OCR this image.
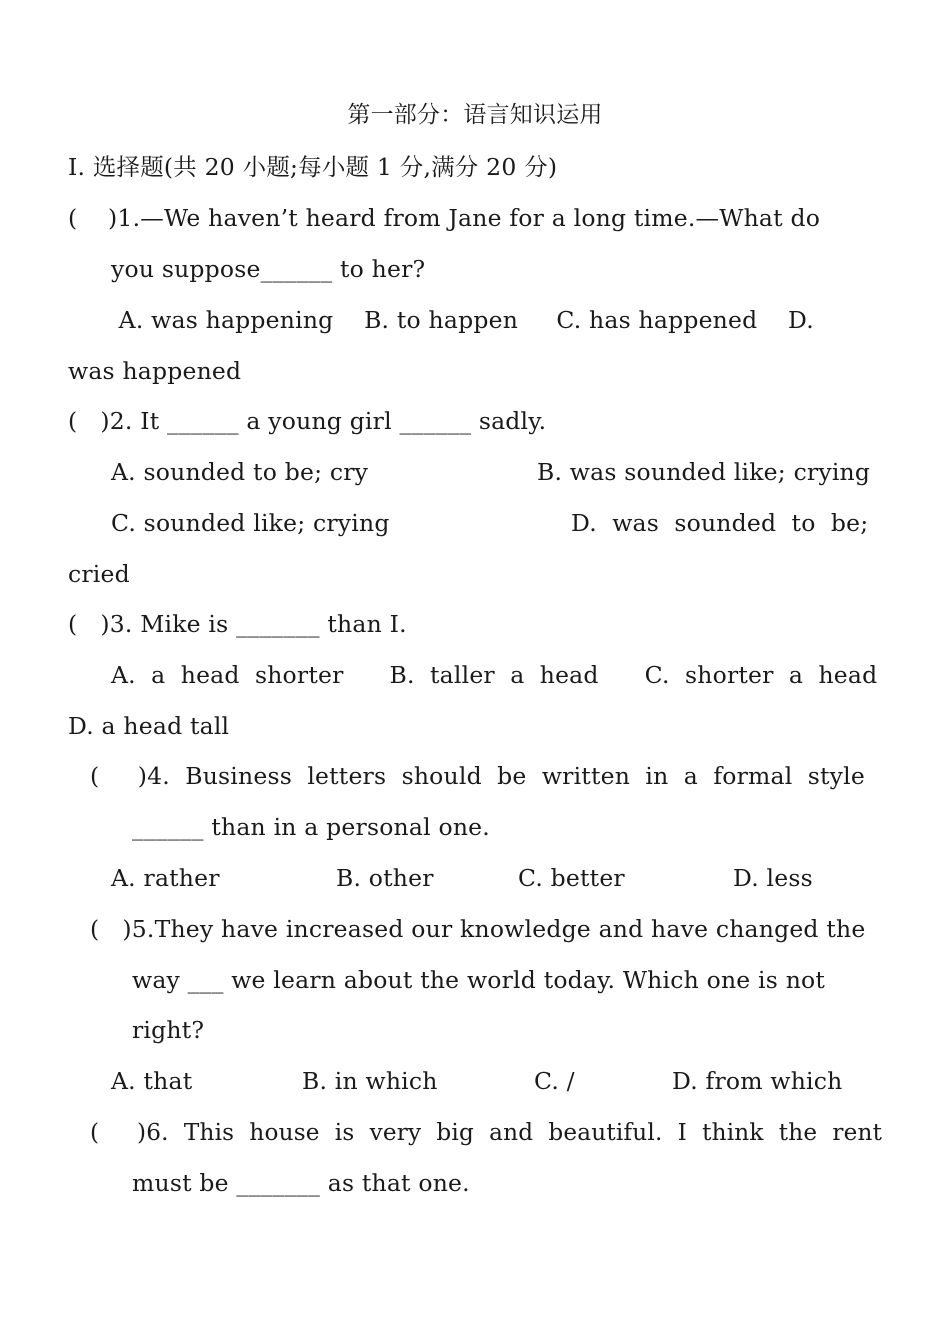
第一部分：语言知识运用
I. 选择题(共 20 小题;每小题 1 分,满分 20 分)
(    )1.—We haven’t heard from Jane for a long time.—What do
you suppose______ to her?
A. was happening    B. to happen     C. has happened    D.
was happened
(   )2. It ______ a young girl ______ sadly.
A. sounded to be; cry	B. was sounded like; crying
C. sounded like; crying	D.  was  sounded  to  be;
cried
(   )3. Mike is _______ than I.
A.  a  head  shorter      B.  taller  a  head      C.  shorter  a  head
D. a head tall
(     )4.  Business  letters  should  be  written  in  a  formal  style
______ than in a personal one.
A. rather	B. other	C. better	D. less
(   )5.They have increased our knowledge and have changed the
way ___ we learn about the world today. Which one is not
right?
A. that	B. in which	C. /	D. from which
(     )6.  This  house  is  very  big  and  beautiful.  I  think  the  rent
must be _______ as that one.
